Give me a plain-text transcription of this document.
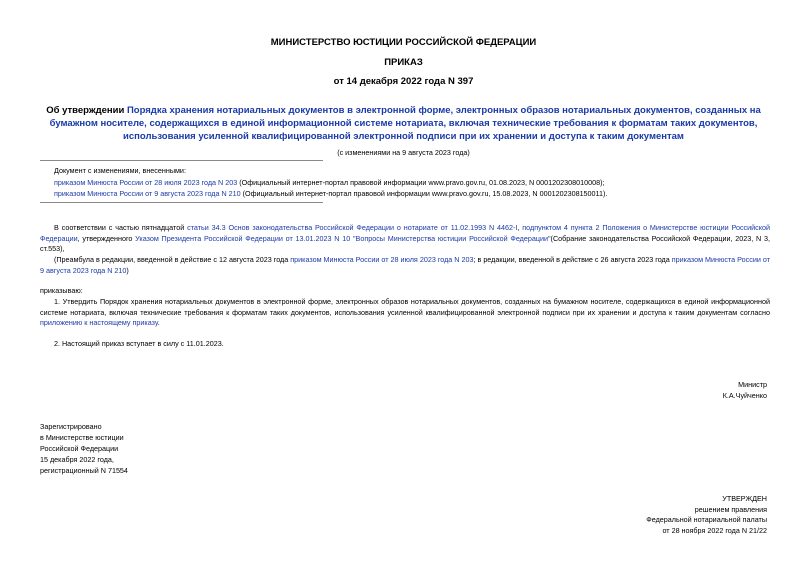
МИНИСТЕРСТВО ЮСТИЦИИ РОССИЙСКОЙ ФЕДЕРАЦИИ
ПРИКАЗ
от 14 декабря 2022 года N 397
Об утверждении Порядка хранения нотариальных документов в электронной форме, электронных образов нотариальных документов, созданных на бумажном носителе, содержащихся в единой информационной системе нотариата, включая технические требования к форматам таких документов, использования усиленной квалифицированной электронной подписи при их хранении и доступа к таким документам
(с изменениями на 9 августа 2023 года)
Документ с изменениями, внесенными:
приказом Минюста России от 28 июля 2023 года N 203 (Официальный интернет-портал правовой информации www.pravo.gov.ru, 01.08.2023, N 0001202308010008);
приказом Минюста России от 9 августа 2023 года N 210 (Официальный интернет-портал правовой информации www.pravo.gov.ru, 15.08.2023, N 0001202308150011).
В соответствии с частью пятнадцатой статьи 34.3 Основ законодательства Российской Федерации о нотариате от 11.02.1993 N 4462-I, подпунктом 4 пункта 2 Положения о Министерстве юстиции Российской Федерации, утвержденного Указом Президента Российской Федерации от 13.01.2023 N 10 "Вопросы Министерства юстиции Российской Федерации"(Собрание законодательства Российской Федерации, 2023, N 3, ст.553),
(Преамбула в редакции, введенной в действие с 12 августа 2023 года приказом Минюста России от 28 июля 2023 года N 203; в редакции, введенной в действие с 26 августа 2023 года приказом Минюста России от 9 августа 2023 года N 210)
приказываю:
1. Утвердить Порядок хранения нотариальных документов в электронной форме, электронных образов нотариальных документов, созданных на бумажном носителе, содержащихся в единой информационной системе нотариата, включая технические требования к форматам таких документов, использования усиленной квалифицированной электронной подписи при их хранении и доступа к таким документам согласно приложению к настоящему приказу.
2. Настоящий приказ вступает в силу с 11.01.2023.
Министр
К.А.Чуйченко
Зарегистрировано
в Министерстве юстиции
Российской Федерации
15 декабря 2022 года,
регистрационный N 71554
УТВЕРЖДЕН
решением правления
Федеральной нотариальной палаты
от 28 ноября 2022 года N 21/22
